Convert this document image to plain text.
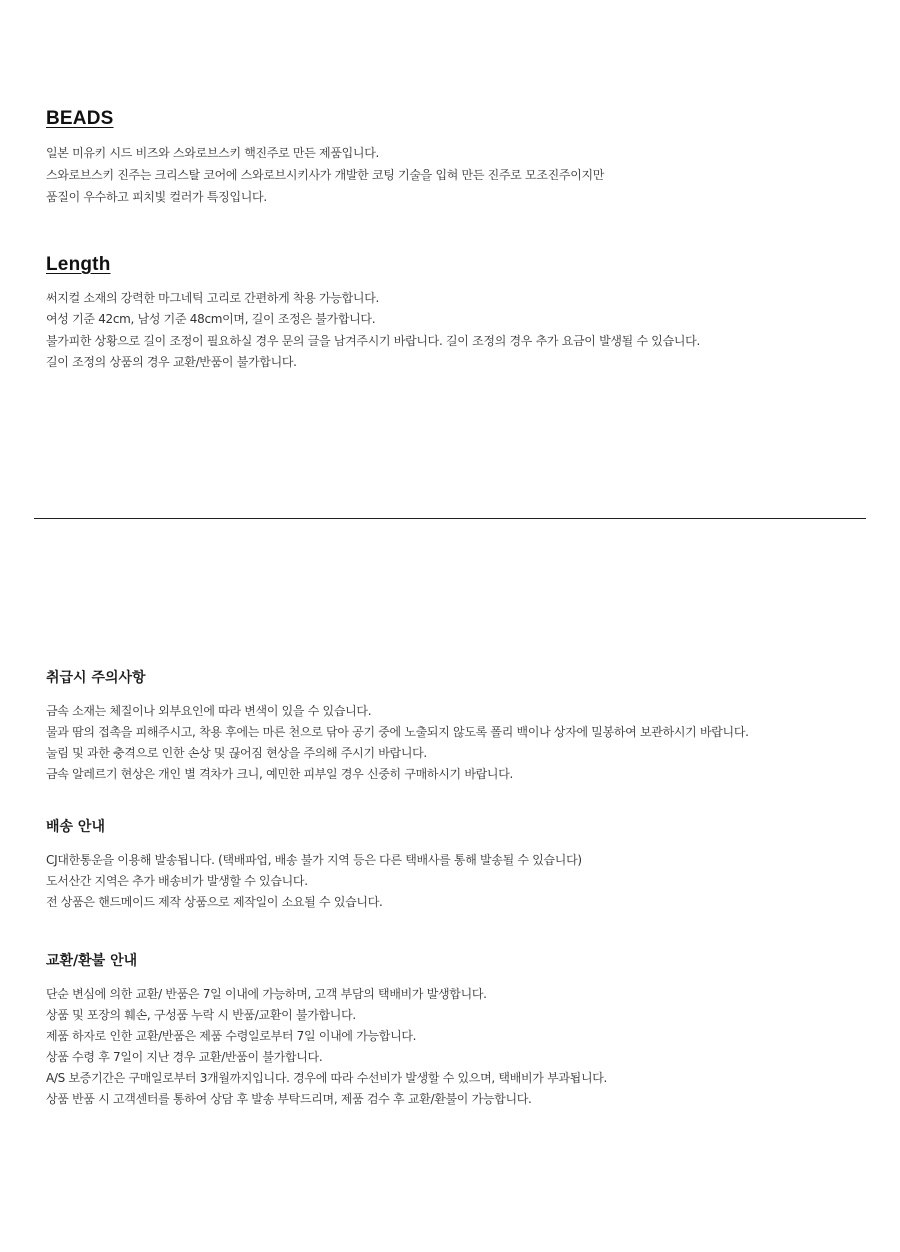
BEADS
일본 미유키 시드 비즈와 스와로브스키 핵진주로 만든 제품입니다.
스와로브스키 진주는 크리스탈 코어에 스와로브시키사가 개발한 코팅 기술을 입혀 만든 진주로 모조진주이지만
품질이 우수하고 피치빛 컬러가 특징입니다.
Length
써지컬 소재의 강력한 마그네틱 고리로 간편하게 착용 가능합니다.
여성 기준 42cm, 남성 기준 48cm이며, 길이 조정은 불가합니다.
불가피한 상황으로 길이 조정이 필요하실 경우 문의 글을 남겨주시기 바랍니다. 길이 조정의 경우 추가 요금이 발생될 수 있습니다.
길이 조정의 상품의 경우 교환/반품이 불가합니다.
취급시 주의사항
금속 소재는 체질이나 외부요인에 따라 변색이 있을 수 있습니다.
물과 땀의 접촉을 피해주시고, 착용 후에는 마른 천으로 닦아 공기 중에 노출되지 않도록 폴리 백이나 상자에 밀봉하여 보관하시기 바랍니다.
눌림 및 과한 충격으로 인한 손상 및 끊어짐 현상을 주의해 주시기 바랍니다.
금속 알레르기 현상은 개인 별 격차가 크니, 예민한 피부일 경우 신중히 구매하시기 바랍니다.
배송 안내
CJ대한통운을 이용해 발송됩니다. (택배파업, 배송 불가 지역 등은 다른 택배사를 통해 발송될 수 있습니다)
도서산간 지역은 추가 배송비가 발생할 수 있습니다.
전 상품은 핸드메이드 제작 상품으로 제작일이 소요될 수 있습니다.
교환/환불 안내
단순 변심에 의한 교환/ 반품은 7일 이내에 가능하며, 고객 부담의 택배비가 발생합니다.
상품 및 포장의 훼손, 구성품 누락 시 반품/교환이 불가합니다.
제품 하자로 인한 교환/반품은 제품 수령일로부터 7일 이내에 가능합니다.
상품 수령 후 7일이 지난 경우 교환/반품이 불가합니다.
A/S 보증기간은 구매일로부터 3개월까지입니다. 경우에 따라 수선비가 발생할 수 있으며, 택배비가 부과됩니다.
상품 반품 시 고객센터를 통하여 상담 후 발송 부탁드리며, 제품 검수 후 교환/환불이 가능합니다.
